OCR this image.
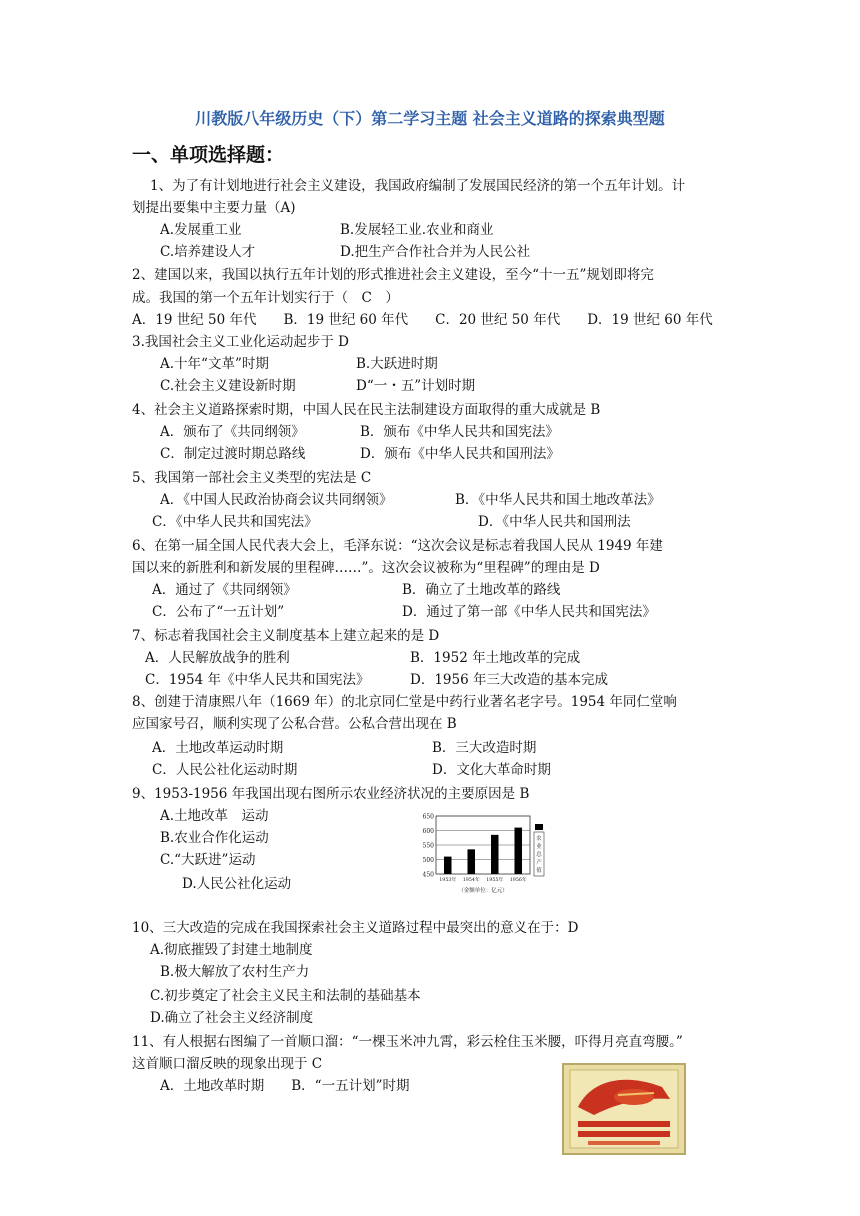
川教版八年级历史（下）第二学习主题 社会主义道路的探索典型题
一、单项选择题：
1、为了有计划地进行社会主义建设，我国政府编制了发展国民经济的第一个五年计划。计
划提出要集中主要力量（A)
A.发展重工业	B.发展轻工业.农业和商业
C.培养建设人才	D.把生产合作社合并为人民公社
2、建国以来，我国以执行五年计划的形式推进社会主义建设，至今“十一五”规划即将完
成。我国的第一个五年计划实行于（　C　）
A．19 世纪 50 年代　　B．19 世纪 60 年代　　C．20 世纪 50 年代　　D．19 世纪 60 年代
3.我国社会主义工业化运动起步于 D
A.十年“文革”时期	B.大跃进时期
C.社会主义建设新时期	D“一・五”计划时期
4、社会主义道路探索时期，中国人民在民主法制建设方面取得的重大成就是 B
A．颁布了《共同纲领》	B．颁布《中华人民共和国宪法》
C．制定过渡时期总路线	D．颁布《中华人民共和国刑法》
5、我国第一部社会主义类型的宪法是 C
A．《中国人民政治协商会议共同纲领》	B．《中华人民共和国土地改革法》
C．《中华人民共和国宪法》	D．《中华人民共和国刑法
6、在第一届全国人民代表大会上，毛泽东说：“这次会议是标志着我国人民从 1949 年建
国以来的新胜利和新发展的里程碑……”。这次会议被称为“里程碑”的理由是 D
A．通过了《共同纲领》	B．确立了土地改革的路线
C．公布了“一五计划”	D．通过了第一部《中华人民共和国宪法》
7、标志着我国社会主义制度基本上建立起来的是 D
A．人民解放战争的胜利	B．1952 年土地改革的完成
C．1954 年《中华人民共和国宪法》	D．1956 年三大改造的基本完成
8、创建于清康熙八年（1669 年）的北京同仁堂是中药行业著名老字号。1954 年同仁堂响
应国家号召，顺利实现了公私合营。公私合营出现在 B
A．土地改革运动时期	B．三大改造时期
C．人民公社化运动时期	D．文化大革命时期
9、1953-1956 年我国出现右图所示农业经济状况的主要原因是 B
A.土地改革　运动
B.农业合作化运动
C.“大跃进”运动
D.人民公社化运动
10、三大改造的完成在我国探索社会主义道路过程中最突出的意义在于：D
A.彻底摧毁了封建土地制度
B.极大解放了农村生产力
C.初步奠定了社会主义民主和法制的基础基本
D.确立了社会主义经济制度
11、有人根据右图编了一首顺口溜：“一棵玉米冲九霄，彩云栓住玉米腰，吓得月亮直弯腰。”
这首顺口溜反映的现象出现于 C
A．土地改革时期　　B．“一五计划”时期
450
500
550
600
650
1953年 1954年 1955年 1956年
农
业
总
产
值
（金额单位：亿元）
